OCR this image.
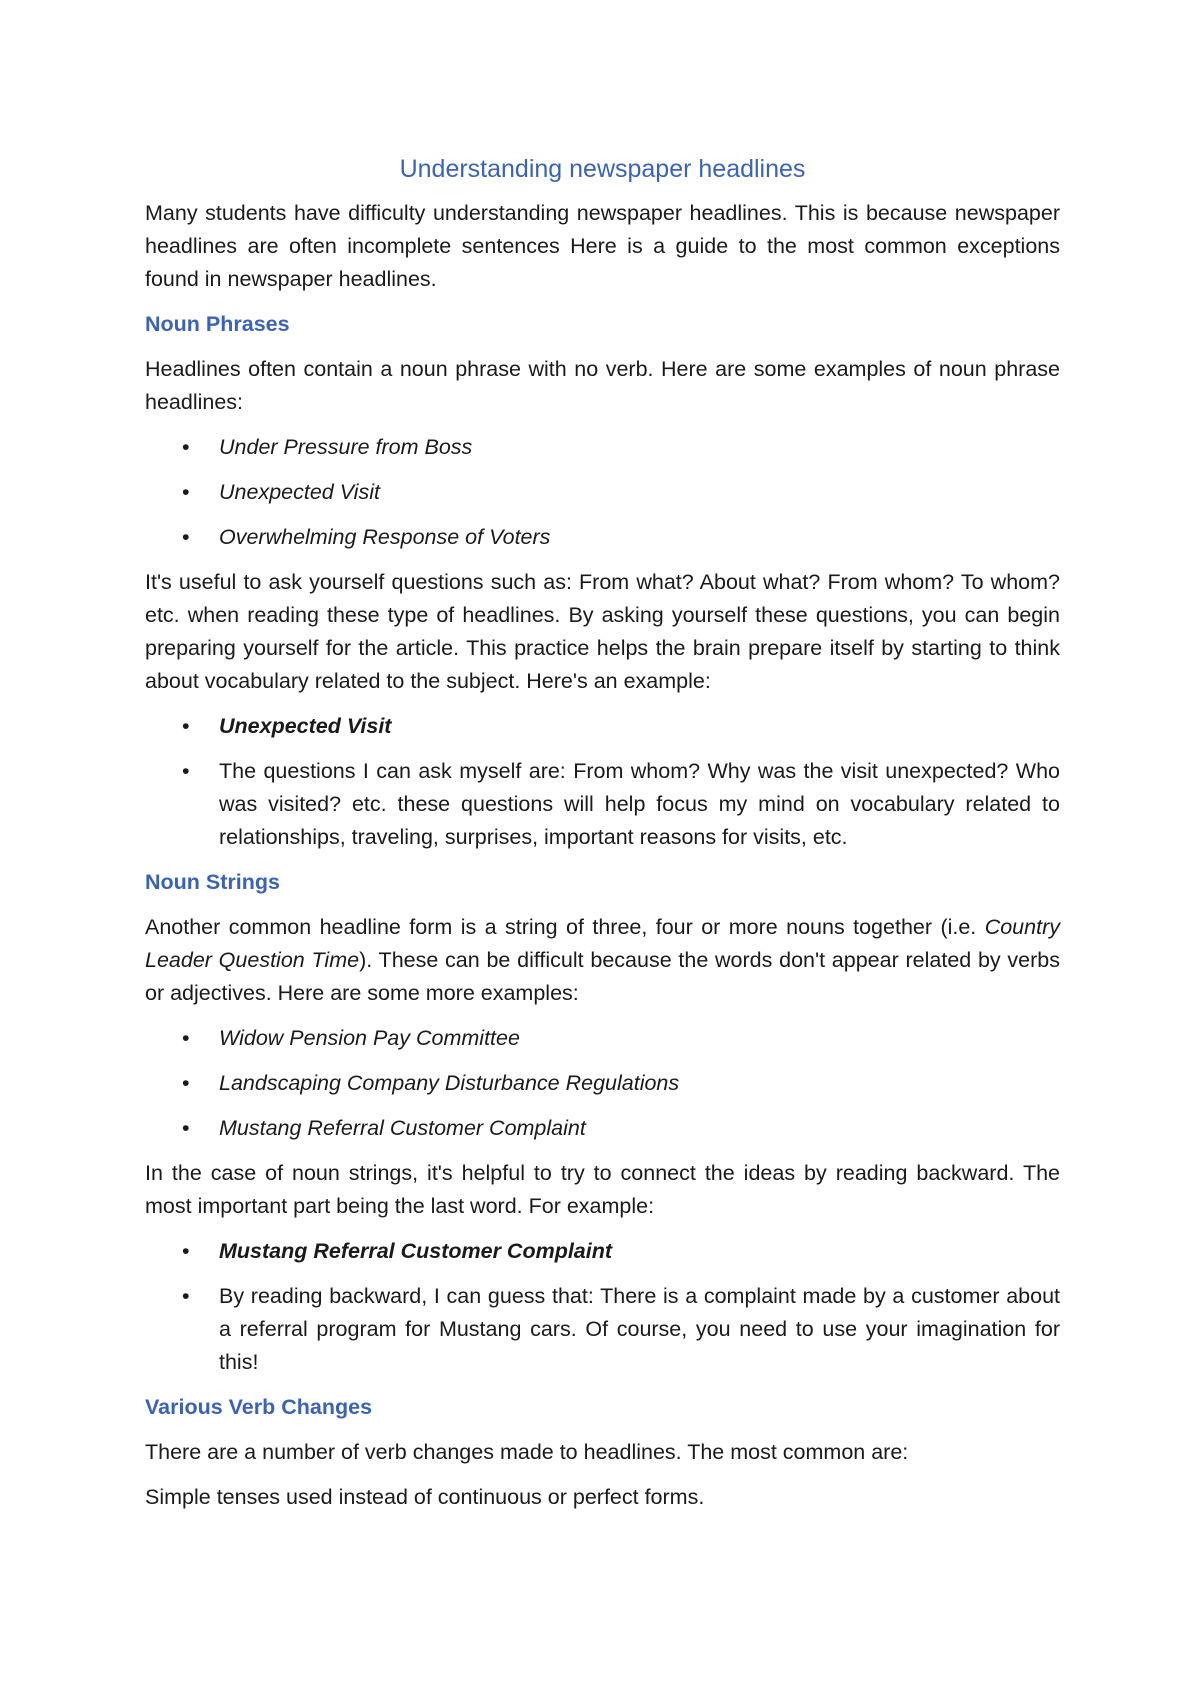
Understanding newspaper headlines

Many students have difficulty understanding newspaper headlines. This is because newspaper headlines are often incomplete sentences Here is a guide to the most common exceptions found in newspaper headlines.

Noun Phrases

Headlines often contain a noun phrase with no verb. Here are some examples of noun phrase headlines:

• Under Pressure from Boss
• Unexpected Visit
• Overwhelming Response of Voters

It's useful to ask yourself questions such as: From what? About what? From whom? To whom? etc. when reading these type of headlines. By asking yourself these questions, you can begin preparing yourself for the article. This practice helps the brain prepare itself by starting to think about vocabulary related to the subject. Here's an example:

• Unexpected Visit
• The questions I can ask myself are: From whom? Why was the visit unexpected? Who was visited? etc. these questions will help focus my mind on vocabulary related to relationships, traveling, surprises, important reasons for visits, etc.
Noun Strings

Another common headline form is a string of three, four or more nouns together (i.e. Country Leader Question Time). These can be difficult because the words don't appear related by verbs or adjectives. Here are some more examples:

• Widow Pension Pay Committee
• Landscaping Company Disturbance Regulations
• Mustang Referral Customer Complaint

In the case of noun strings, it's helpful to try to connect the ideas by reading backward. The most important part being the last word. For example:

• Mustang Referral Customer Complaint
• By reading backward, I can guess that: There is a complaint made by a customer about a referral program for Mustang cars. Of course, you need to use your imagination for this!
Various Verb Changes

There are a number of verb changes made to headlines. The most common are:

Simple tenses used instead of continuous or perfect forms.
